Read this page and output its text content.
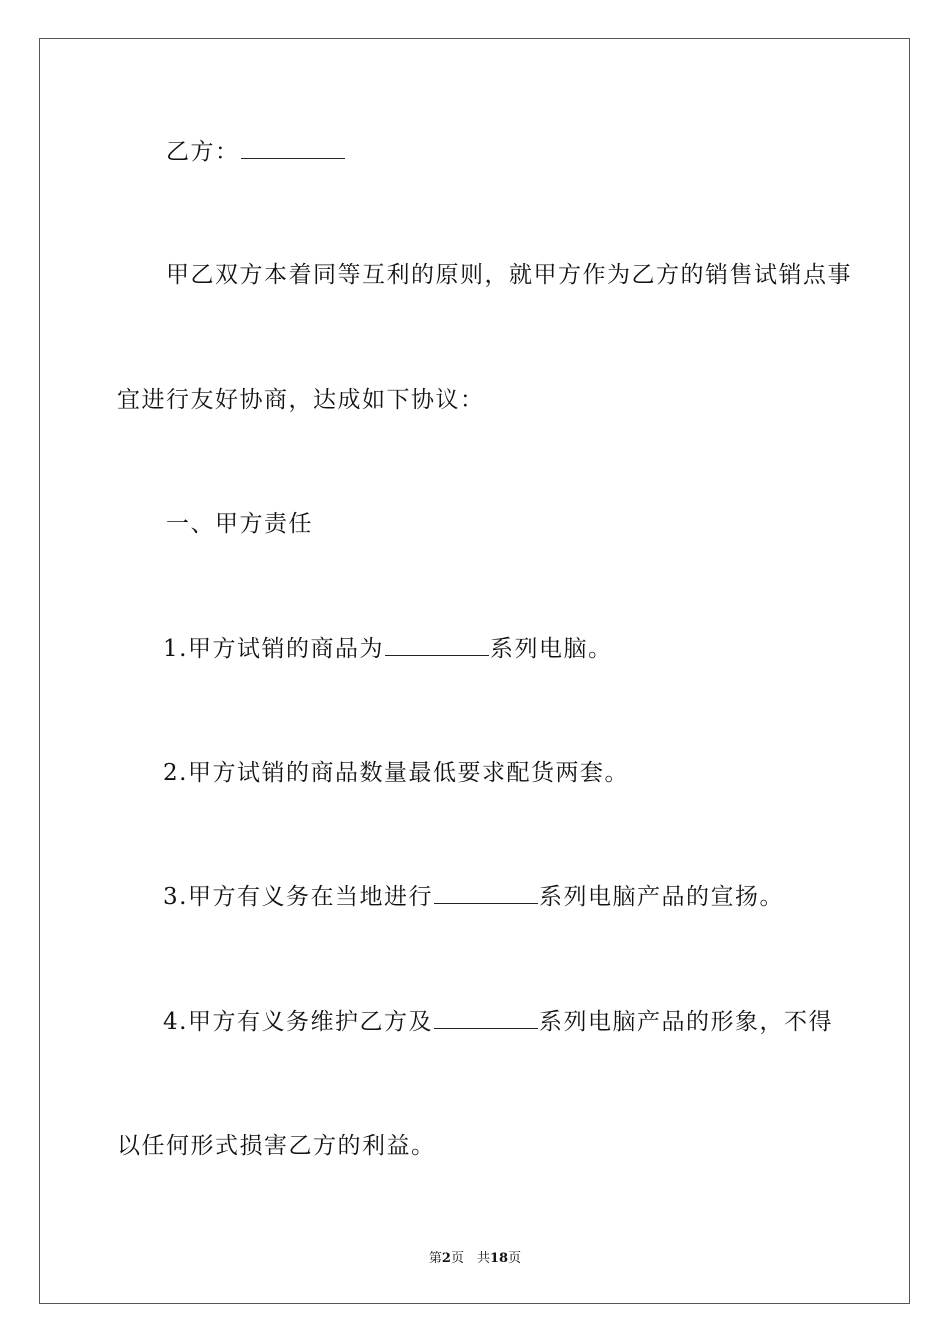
乙方：
甲乙双方本着同等互利的原则，就甲方作为乙方的销售试销点事
宜进行友好协商，达成如下协议：
一、甲方责任
1.甲方试销的商品为	系列电脑。
2.甲方试销的商品数量最低要求配货两套。
3.甲方有义务在当地进行	系列电脑产品的宣扬。
4.甲方有义务维护乙方及	系列电脑产品的形象，不得
以任何形式损害乙方的利益。
第2页　共18页
